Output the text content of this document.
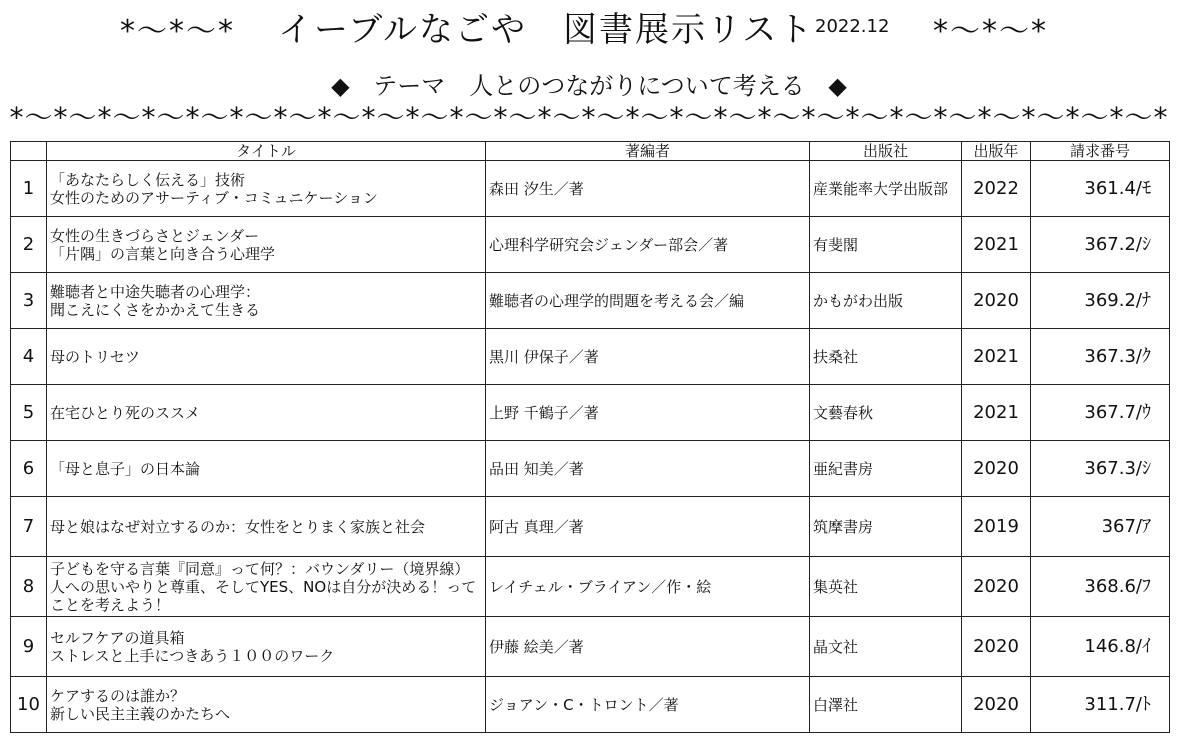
*〜*〜* イーブルなごや　図書展示リスト 2022.12 *〜*〜*
◆ テーマ　人とのつながりについて考える ◆
*〜*〜*〜*〜*〜*〜*〜*〜*〜*〜*〜*〜*〜*〜*〜*〜*〜*〜*〜*〜*〜*〜*〜*〜*〜*〜*
	タイトル	著編者	出版社	出版年	請求番号
1	「あなたらしく伝える」技術
女性のためのアサーティブ・コミュニケーション	森田 汐生／著	産業能率大学出版部	2022	361.4/ﾓ
2	女性の生きづらさとジェンダー
「片隅」の言葉と向き合う心理学	心理科学研究会ジェンダー部会／著	有斐閣	2021	367.2/ｼ
3	難聴者と中途失聴者の心理学：
聞こえにくさをかかえて生きる	難聴者の心理学的問題を考える会／編	かもがわ出版	2020	369.2/ﾅ
4	母のトリセツ	黒川 伊保子／著	扶桑社	2021	367.3/ｸ
5	在宅ひとり死のススメ	上野 千鶴子／著	文藝春秋	2021	367.7/ｳ
6	「母と息子」の日本論	品田 知美／著	亜紀書房	2020	367.3/ｼ
7	母と娘はなぜ対立するのか：女性をとりまく家族と社会	阿古 真理／著	筑摩書房	2019	367/ｱ
8	子どもを守る言葉『同意』って何？：バウンダリー（境界線）人への思いやりと尊重、そしてYES、NOは自分が決める！ってことを考えよう！	レイチェル・ブライアン／作・絵	集英社	2020	368.6/ﾌ
9	セルフケアの道具箱
ストレスと上手につきあう１００のワーク	伊藤 絵美／著	晶文社	2020	146.8/ｲ
10	ケアするのは誰か？
新しい民主主義のかたちへ	ジョアン・C・トロント／著	白澤社	2020	311.7/ﾄ
